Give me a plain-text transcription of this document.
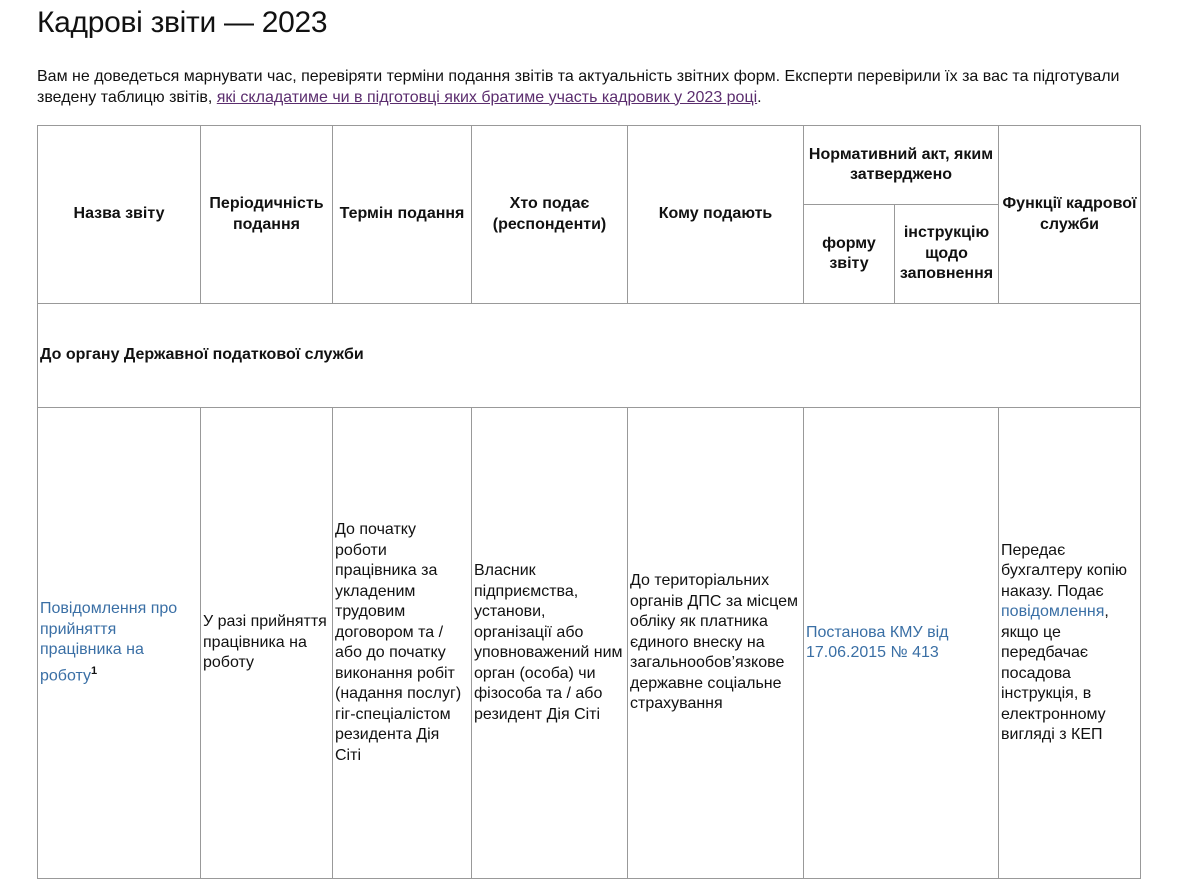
Кадрові звіти — 2023

Вам не доведеться марнувати час, перевіряти терміни подання звітів та актуальність звітних форм. Експерти перевірили їх за вас та підготували зведену таблицю звітів, які складатиме чи в підготовці яких братиме участь кадровик у 2023 році.

Назва звіту	Періодичність подання	Термін подання	Хто подає (респонденти)	Кому подають	Нормативний акт, яким затверджено		Функції кадрової служби
					форму звіту	інструкцію щодо заповнення	
До органу Державної податкової служби							
Повідомлення про прийняття працівника на роботу$^1$	У разі прийняття працівника на роботу	До початку роботи працівника за укладеним трудовим договором та / або до початку виконання робіт (надання послуг) гіг-спеціалістом резидента Дія Сіті	Власник підприємства, установи, організації або уповноважений ним орган (особа) чи фізособа та / або резидент Дія Сіті	До територіальних органів ДПС за місцем обліку як платника єдиного внеску на загальнообов’язкове державне соціальне страхування	Постанова КМУ від 17.06.2015 № 413		Передає бухгалтеру копію наказу. Подає повідомлення, якщо це передбачає посадова інструкція, в електронному вигляді з КЕП
